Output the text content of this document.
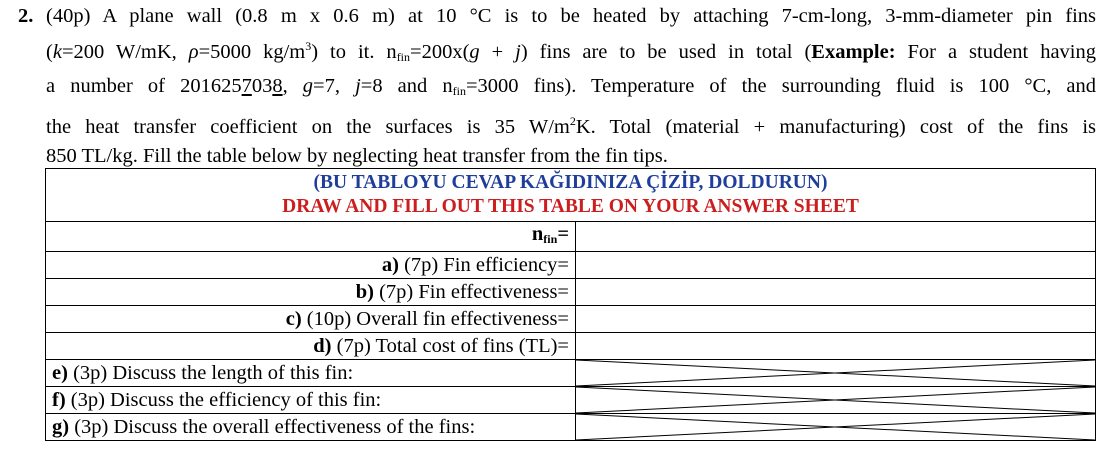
2. (40p) A plane wall (0.8 m x 0.6 m) at 10 °C is to be heated by attaching 7-cm-long, 3-mm-diameter pin fins

(k=200 W/mK, ρ=5000 $kg/m^3$) to it. $n_{fin}=200x(g + j)$ fins are to be used in total (Example: For a student having

a number of 2016257038, g=7, j=8 and $n_{fin}=3000$ fins). Temperature of the surrounding fluid is 100 °C, and

the heat transfer coefficient on the surfaces is 35 $W/m^2K$. Total (material + manufacturing) cost of the fins is

850 TL/kg. Fill the table below by neglecting heat transfer from the fin tips.

(BU TABLOYU CEVAP KAĞIDINIZA ÇİZİP, DOLDURUN)
DRAW AND FILL OUT THIS TABLE ON YOUR ANSWER SHEET	

$n_{fin}=$	
a) (7p) Fin efficiency=	
b) (7p) Fin effectiveness=	
c) (10p) Overall fin effectiveness=	
d) (7p) Total cost of fins (TL)=	
e) (3p) Discuss the length of this fin:	

f) (3p) Discuss the efficiency of this fin:	

g) (3p) Discuss the overall effectiveness of the fins:	
